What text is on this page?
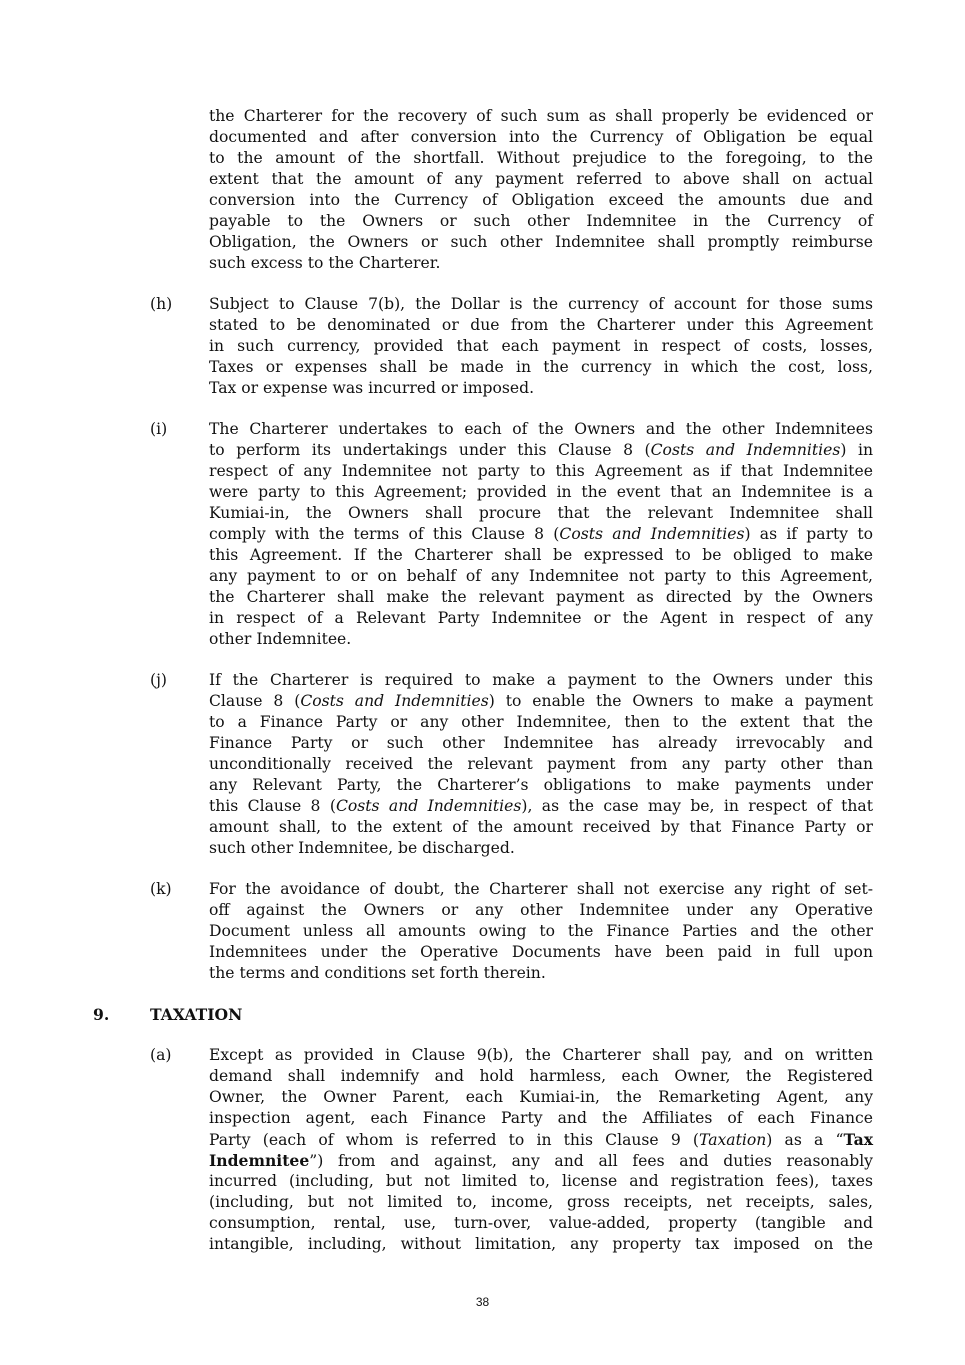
the Charterer for the recovery of such sum as shall properly be evidenced or
documented and after conversion into the Currency of Obligation be equal
to the amount of the shortfall. Without prejudice to the foregoing, to the
extent that the amount of any payment referred to above shall on actual
conversion into the Currency of Obligation exceed the amounts due and
payable to the Owners or such other Indemnitee in the Currency of
Obligation, the Owners or such other Indemnitee shall promptly reimburse
such excess to the Charterer.
(h) Subject to Clause 7(b), the Dollar is the currency of account for those sums
stated to be denominated or due from the Charterer under this Agreement
in such currency, provided that each payment in respect of costs, losses,
Taxes or expenses shall be made in the currency in which the cost, loss,
Tax or expense was incurred or imposed.
(i)	The Charterer undertakes to each of the Owners and the other Indemnitees
to perform its undertakings under this Clause 8 (Costs and Indemnities) in
respect of any Indemnitee not party to this Agreement as if that Indemnitee
were party to this Agreement; provided in the event that an Indemnitee is a
Kumiai-in, the Owners shall procure that the relevant Indemnitee shall
comply with the terms of this Clause 8 (Costs and Indemnities) as if party to
this Agreement. If the Charterer shall be expressed to be obliged to make
any payment to or on behalf of any Indemnitee not party to this Agreement,
the Charterer shall make the relevant payment as directed by the Owners
in respect of a Relevant Party Indemnitee or the Agent in respect of any
other Indemnitee.
(j)	If the Charterer is required to make a payment to the Owners under this
Clause 8 (Costs and Indemnities) to enable the Owners to make a payment
to a Finance Party or any other Indemnitee, then to the extent that the
Finance Party or such other Indemnitee has already irrevocably and
unconditionally received the relevant payment from any party other than
any Relevant Party, the Charterer’s obligations to make payments under
this Clause 8 (Costs and Indemnities), as the case may be, in respect of that
amount shall, to the extent of the amount received by that Finance Party or
such other Indemnitee, be discharged.
(k) For the avoidance of doubt, the Charterer shall not exercise any right of set-
off against the Owners or any other Indemnitee under any Operative
Document unless all amounts owing to the Finance Parties and the other
Indemnitees under the Operative Documents have been paid in full upon
the terms and conditions set forth therein.
9.	TAXATION
(a) Except as provided in Clause 9(b), the Charterer shall pay, and on written
demand shall indemnify and hold harmless, each Owner, the Registered
Owner, the Owner Parent, each Kumiai-in, the Remarketing Agent, any
inspection agent, each Finance Party and the Affiliates of each Finance
Party (each of whom is referred to in this Clause 9 (Taxation) as a “Tax
Indemnitee”) from and against, any and all fees and duties reasonably
incurred (including, but not limited to, license and registration fees), taxes
(including, but not limited to, income, gross receipts, net receipts, sales,
consumption, rental, use, turn-over, value-added, property (tangible and
intangible, including, without limitation, any property tax imposed on the
38
